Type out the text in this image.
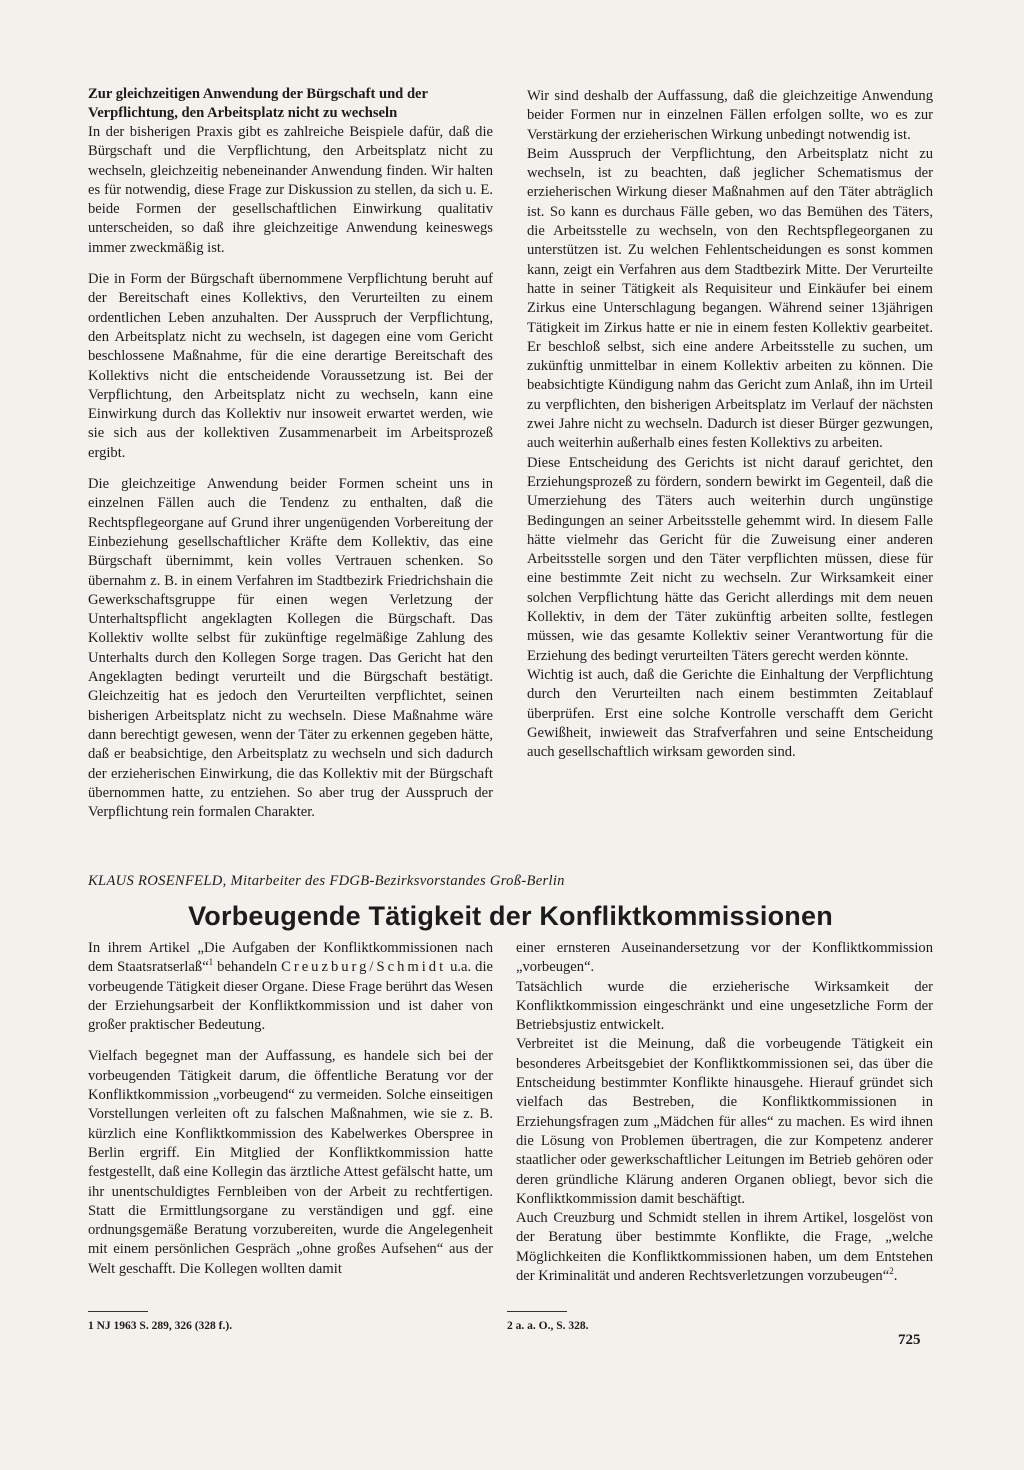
Zur gleichzeitigen Anwendung der Bürgschaft und der Verpflichtung, den Arbeitsplatz nicht zu wechseln

In der bisherigen Praxis gibt es zahlreiche Beispiele dafür, daß die Bürgschaft und die Verpflichtung, den Arbeitsplatz nicht zu wechseln, gleichzeitig nebeneinander Anwendung finden. Wir halten es für notwendig, diese Frage zur Diskussion zu stellen, da sich u. E. beide Formen der gesellschaftlichen Einwirkung qualitativ unterscheiden, so daß ihre gleichzeitige Anwendung keineswegs immer zweckmäßig ist.

Die in Form der Bürgschaft übernommene Verpflichtung beruht auf der Bereitschaft eines Kollektivs, den Verurteilten zu einem ordentlichen Leben anzuhalten. Der Ausspruch der Verpflichtung, den Arbeitsplatz nicht zu wechseln, ist dagegen eine vom Gericht beschlossene Maßnahme, für die eine derartige Bereitschaft des Kollektivs nicht die entscheidende Voraussetzung ist. Bei der Verpflichtung, den Arbeitsplatz nicht zu wechseln, kann eine Einwirkung durch das Kollektiv nur insoweit erwartet werden, wie sie sich aus der kollektiven Zusammenarbeit im Arbeitsprozeß ergibt.

Die gleichzeitige Anwendung beider Formen scheint uns in einzelnen Fällen auch die Tendenz zu enthalten, daß die Rechtspflegeorgane auf Grund ihrer ungenügenden Vorbereitung der Einbeziehung gesellschaftlicher Kräfte dem Kollektiv, das eine Bürgschaft übernimmt, kein volles Vertrauen schenken. So übernahm z. B. in einem Verfahren im Stadtbezirk Friedrichshain die Gewerkschaftsgruppe für einen wegen Verletzung der Unterhaltspflicht angeklagten Kollegen die Bürgschaft. Das Kollektiv wollte selbst für zukünftige regelmäßige Zahlung des Unterhalts durch den Kollegen Sorge tragen. Das Gericht hat den Angeklagten bedingt verurteilt und die Bürgschaft bestätigt. Gleichzeitig hat es jedoch den Verurteilten verpflichtet, seinen bisherigen Arbeitsplatz nicht zu wechseln. Diese Maßnahme wäre dann berechtigt gewesen, wenn der Täter zu erkennen gegeben hätte, daß er beabsichtige, den Arbeitsplatz zu wechseln und sich dadurch der erzieherischen Einwirkung, die das Kollektiv mit der Bürgschaft übernommen hatte, zu entziehen. So aber trug der Ausspruch der Verpflichtung rein formalen Charakter.

Wir sind deshalb der Auffassung, daß die gleichzeitige Anwendung beider Formen nur in einzelnen Fällen erfolgen sollte, wo es zur Verstärkung der erzieherischen Wirkung unbedingt notwendig ist.

Beim Ausspruch der Verpflichtung, den Arbeitsplatz nicht zu wechseln, ist zu beachten, daß jeglicher Schematismus der erzieherischen Wirkung dieser Maßnahmen auf den Täter abträglich ist. So kann es durchaus Fälle geben, wo das Bemühen des Täters, die Arbeitsstelle zu wechseln, von den Rechtspflegeorganen zu unterstützen ist. Zu welchen Fehlentscheidungen es sonst kommen kann, zeigt ein Verfahren aus dem Stadtbezirk Mitte. Der Verurteilte hatte in seiner Tätigkeit als Requisiteur und Einkäufer bei einem Zirkus eine Unterschlagung begangen. Während seiner 13jährigen Tätigkeit im Zirkus hatte er nie in einem festen Kollektiv gearbeitet. Er beschloß selbst, sich eine andere Arbeitsstelle zu suchen, um zukünftig unmittelbar in einem Kollektiv arbeiten zu können. Die beabsichtigte Kündigung nahm das Gericht zum Anlaß, ihn im Urteil zu verpflichten, den bisherigen Arbeitsplatz im Verlauf der nächsten zwei Jahre nicht zu wechseln. Dadurch ist dieser Bürger gezwungen, auch weiterhin außerhalb eines festen Kollektivs zu arbeiten.

Diese Entscheidung des Gerichts ist nicht darauf gerichtet, den Erziehungsprozeß zu fördern, sondern bewirkt im Gegenteil, daß die Umerziehung des Täters auch weiterhin durch ungünstige Bedingungen an seiner Arbeitsstelle gehemmt wird. In diesem Falle hätte vielmehr das Gericht für die Zuweisung einer anderen Arbeitsstelle sorgen und den Täter verpflichten müssen, diese für eine bestimmte Zeit nicht zu wechseln. Zur Wirksamkeit einer solchen Verpflichtung hätte das Gericht allerdings mit dem neuen Kollektiv, in dem der Täter zukünftig arbeiten sollte, festlegen müssen, wie das gesamte Kollektiv seiner Verantwortung für die Erziehung des bedingt verurteilten Täters gerecht werden könnte.

Wichtig ist auch, daß die Gerichte die Einhaltung der Verpflichtung durch den Verurteilten nach einem bestimmten Zeitablauf überprüfen. Erst eine solche Kontrolle verschafft dem Gericht Gewißheit, inwieweit das Strafverfahren und seine Entscheidung auch gesellschaftlich wirksam geworden sind.

KLAUS ROSENFELD, Mitarbeiter des FDGB-Bezirksvorstandes Groß-Berlin
Vorbeugende Tätigkeit der Konfliktkommissionen

In ihrem Artikel „Die Aufgaben der Konfliktkommissionen nach dem Staatsratserlaß“$^1$ behandeln Creuzburg/Schmidt u.a. die vorbeugende Tätigkeit dieser Organe. Diese Frage berührt das Wesen der Erziehungsarbeit der Konfliktkommission und ist daher von großer praktischer Bedeutung.

Vielfach begegnet man der Auffassung, es handele sich bei der vorbeugenden Tätigkeit darum, die öffentliche Beratung vor der Konfliktkommission „vorbeugend“ zu vermeiden. Solche einseitigen Vorstellungen verleiten oft zu falschen Maßnahmen, wie sie z. B. kürzlich eine Konfliktkommission des Kabelwerkes Oberspree in Berlin ergriff. Ein Mitglied der Konfliktkommission hatte festgestellt, daß eine Kollegin das ärztliche Attest gefälscht hatte, um ihr unentschuldigtes Fernbleiben von der Arbeit zu rechtfertigen. Statt die Ermittlungsorgane zu verständigen und ggf. eine ordnungsgemäße Beratung vorzubereiten, wurde die Angelegenheit mit einem persönlichen Gespräch „ohne großes Aufsehen“ aus der Welt geschafft. Die Kollegen wollten damit

einer ernsteren Auseinandersetzung vor der Konfliktkommission „vorbeugen“.

Tatsächlich wurde die erzieherische Wirksamkeit der Konfliktkommission eingeschränkt und eine ungesetzliche Form der Betriebsjustiz entwickelt.

Verbreitet ist die Meinung, daß die vorbeugende Tätigkeit ein besonderes Arbeitsgebiet der Konfliktkommissionen sei, das über die Entscheidung bestimmter Konflikte hinausgehe. Hierauf gründet sich vielfach das Bestreben, die Konfliktkommissionen in Erziehungsfragen zum „Mädchen für alles“ zu machen. Es wird ihnen die Lösung von Problemen übertragen, die zur Kompetenz anderer staatlicher oder gewerkschaftlicher Leitungen im Betrieb gehören oder deren gründliche Klärung anderen Organen obliegt, bevor sich die Konfliktkommission damit beschäftigt.

Auch Creuzburg und Schmidt stellen in ihrem Artikel, losgelöst von der Beratung über bestimmte Konflikte, die Frage, „welche Möglichkeiten die Konfliktkommissionen haben, um dem Entstehen der Kriminalität und anderen Rechtsverletzungen vorzubeugen“$^2$.

1 NJ 1963 S. 289, 326 (328 f.).	2 a. a. O., S. 328.
725
